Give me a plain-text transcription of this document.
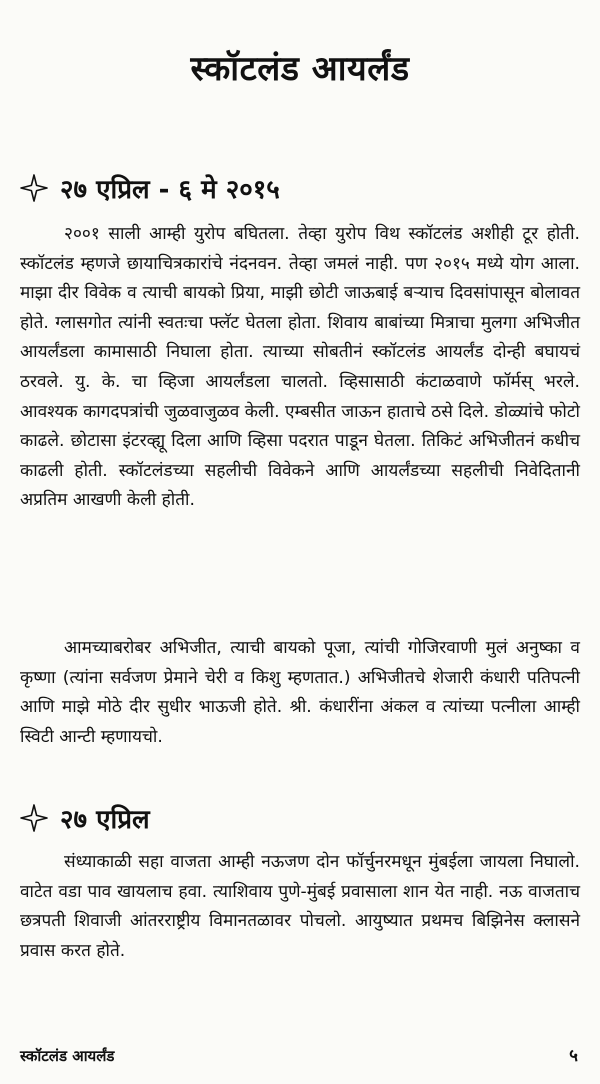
स्कॉटलंड आयर्लंड
२७ एप्रिल - ६ मे २०१५

२००१ साली आम्ही युरोप बघितला. तेव्हा युरोप विथ स्कॉटलंड अशीही टूर होती. स्कॉटलंड म्हणजे छायाचित्रकारांचे नंदनवन. तेव्हा जमलं नाही. पण २०१५ मध्ये योग आला. माझा दीर विवेक व त्याची बायको प्रिया, माझी छोटी जाऊबाई बऱ्याच दिवसांपासून बोलावत होते. ग्लासगोत त्यांनी स्वतःचा फ्लॅट घेतला होता. शिवाय बाबांच्या मित्राचा मुलगा अभिजीत आयर्लंडला कामासाठी निघाला होता. त्याच्या सोबतीनं स्कॉटलंड आयर्लंड दोन्ही बघायचं ठरवले. यु. के. चा व्हिजा आयर्लंडला चालतो. व्हिसासाठी कंटाळवाणे फॉर्मस् भरले. आवश्यक कागदपत्रांची जुळवाजुळव केली. एम्बसीत जाऊन हाताचे ठसे दिले. डोळ्यांचे फोटो काढले. छोटासा इंटरव्ह्यू दिला आणि व्हिसा पदरात पाडून घेतला. तिकिटं अभिजीतनं कधीच काढली होती. स्कॉटलंडच्या सहलीची विवेकने आणि आयर्लंडच्या सहलीची निवेदितानी अप्रतिम आखणी केली होती.

आमच्याबरोबर अभिजीत, त्याची बायको पूजा, त्यांची गोजिरवाणी मुलं अनुष्का व कृष्णा (त्यांना सर्वजण प्रेमाने चेरी व किशु म्हणतात.) अभिजीतचे शेजारी कंधारी पतिपत्नी आणि माझे मोठे दीर सुधीर भाऊजी होते. श्री. कंधारींना अंकल व त्यांच्या पत्नीला आम्ही स्विटी आन्टी म्हणायचो.

२७ एप्रिल

संध्याकाळी सहा वाजता आम्ही नऊजण दोन फॉर्चुनरमधून मुंबईला जायला निघालो. वाटेत वडा पाव खायलाच हवा. त्याशिवाय पुणे-मुंबई प्रवासाला शान येत नाही. नऊ वाजताच छत्रपती शिवाजी आंतरराष्ट्रीय विमानतळावर पोचलो. आयुष्यात प्रथमच बिझिनेस क्लासने प्रवास करत होते.

स्कॉटलंड आयर्लंड	५
